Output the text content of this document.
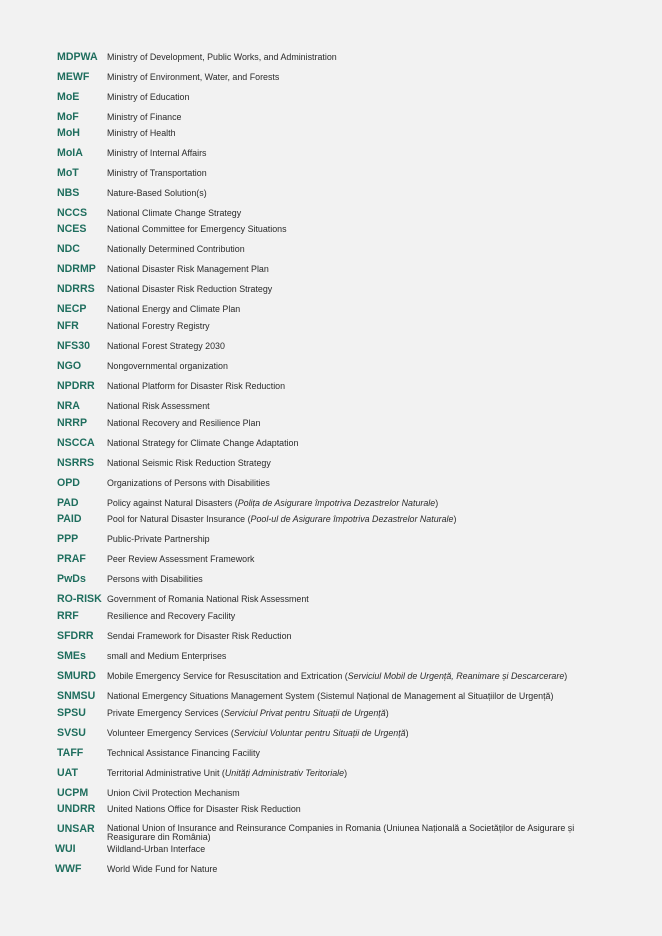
MDPWA Ministry of Development, Public Works, and Administration
MEWF Ministry of Environment, Water, and Forests
MoE	Ministry of Education
MoF	Ministry of Finance
MoH	Ministry of Health
MoIA	Ministry of Internal Affairs
MoT	Ministry of Transportation
NBS	Nature-Based Solution(s)
NCCS National Climate Change Strategy
NCES National Committee for Emergency Situations
NDC	Nationally Determined Contribution
NDRMP National Disaster Risk Management Plan
NDRRS National Disaster Risk Reduction Strategy
NECP National Energy and Climate Plan
NFR	National Forestry Registry
NFS30 National Forest Strategy 2030
NGO	Nongovernmental organization
NPDRR National Platform for Disaster Risk Reduction
NRA	National Risk Assessment
NRRP National Recovery and Resilience Plan
NSCCA National Strategy for Climate Change Adaptation
NSRRS National Seismic Risk Reduction Strategy
OPD	Organizations of Persons with Disabilities
PAD	Policy against Natural Disasters (Polița de Asigurare împotriva Dezastrelor Naturale)
PAID	Pool for Natural Disaster Insurance (Pool-ul de Asigurare împotriva Dezastrelor Naturale)
PPP	Public-Private Partnership
PRAF Peer Review Assessment Framework
PwDs Persons with Disabilities
RO-RISK Government of Romania National Risk Assessment
RRF	Resilience and Recovery Facility
SFDRR Sendai Framework for Disaster Risk Reduction
SMEs small and Medium Enterprises
SMURD Mobile Emergency Service for Resuscitation and Extrication (Serviciul Mobil de Urgență, Reanimare și Descarcerare)
SNMSU National Emergency Situations Management System (Sistemul Național de Management al Situațiilor de Urgență)
SPSU Private Emergency Services (Serviciul Privat pentru Situații de Urgență)
SVSU Volunteer Emergency Services (Serviciul Voluntar pentru Situații de Urgență)
TAFF	Technical Assistance Financing Facility
UAT	Territorial Administrative Unit (Unități Administrativ Teritoriale)
UCPM Union Civil Protection Mechanism
UNDRR United Nations Office for Disaster Risk Reduction
UNSAR National Union of Insurance and Reinsurance Companies in Romania (Uniunea Națională a Societăților de Asigurare și Reasigurare din România)
WUI	Wildland-Urban Interface
WWF	World Wide Fund for Nature
